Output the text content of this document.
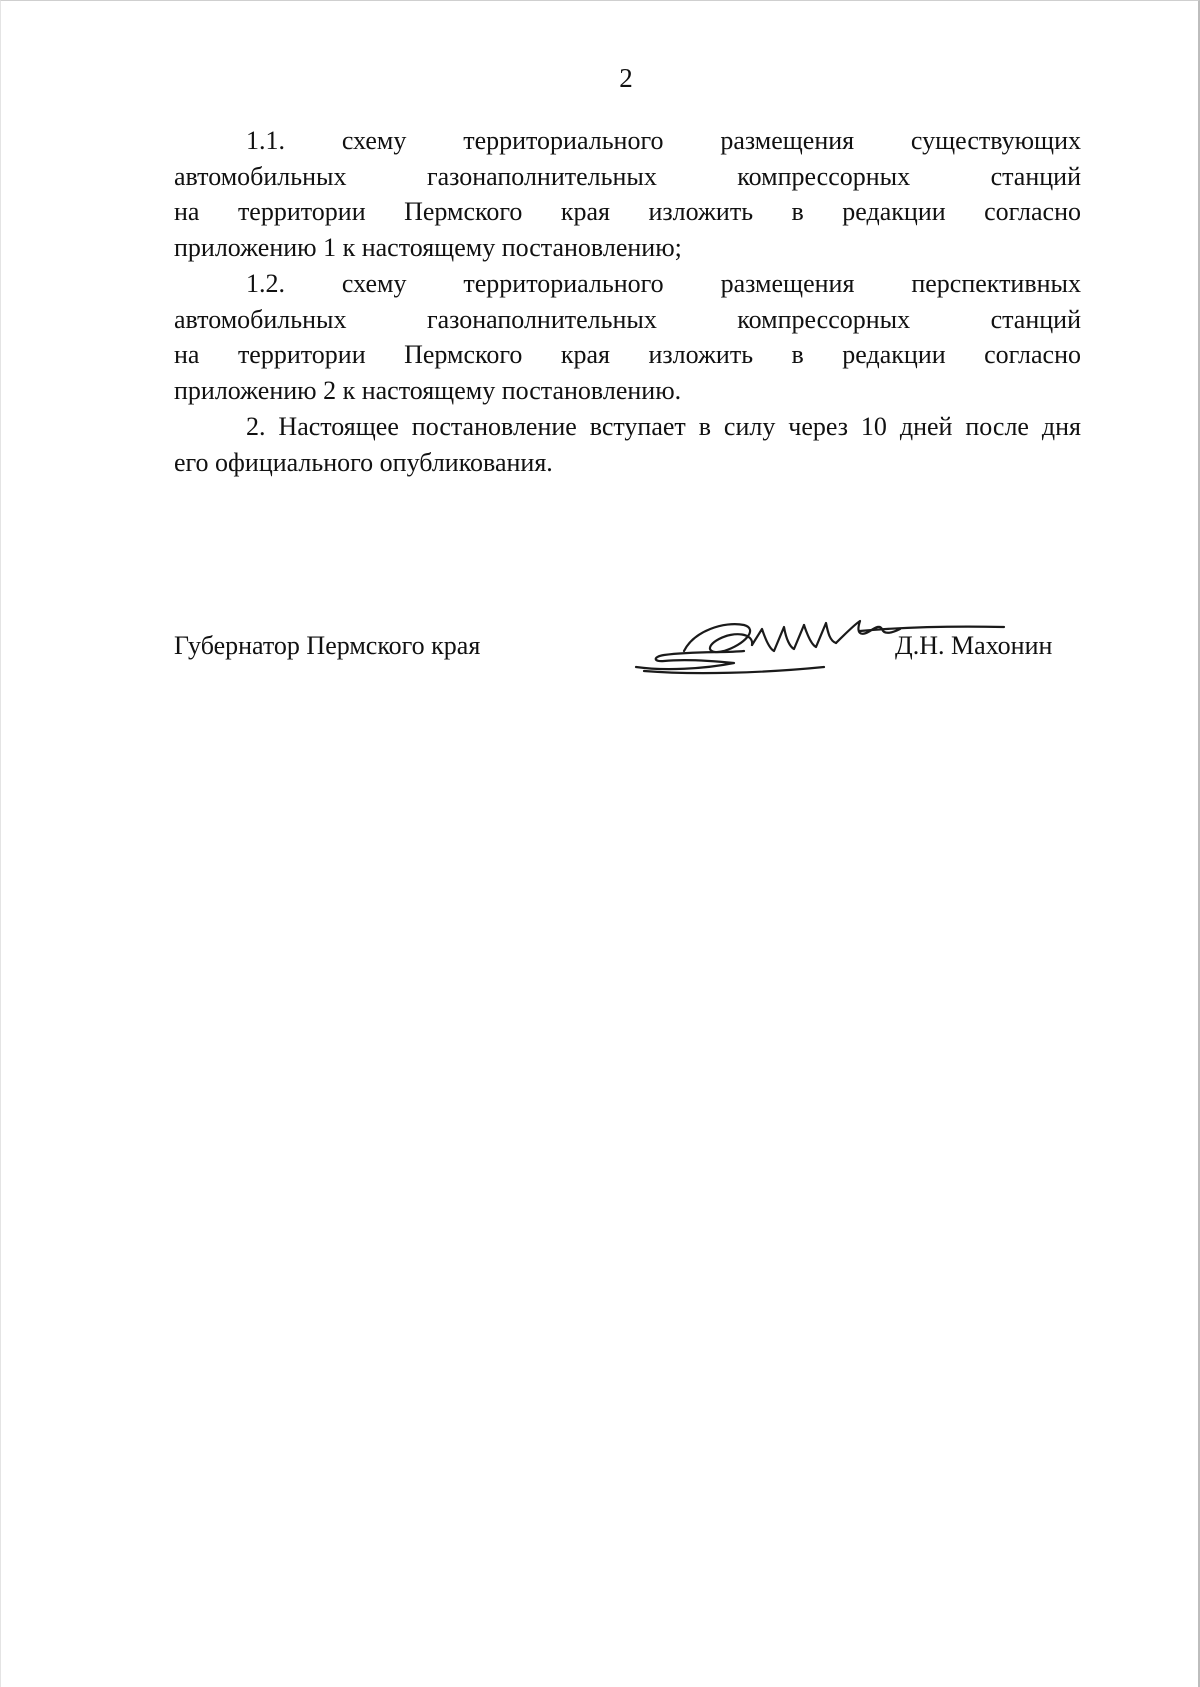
2
1.1. схему территориального размещения существующих
автомобильных газонаполнительных компрессорных станций
на территории Пермского края изложить в редакции согласно
приложению 1 к настоящему постановлению;
1.2. схему территориального размещения перспективных
автомобильных газонаполнительных компрессорных станций
на территории Пермского края изложить в редакции согласно
приложению 2 к настоящему постановлению.
2. Настоящее постановление вступает в силу через 10 дней после дня
его официального опубликования.
Губернатор Пермского края	Д.Н. Махонин
